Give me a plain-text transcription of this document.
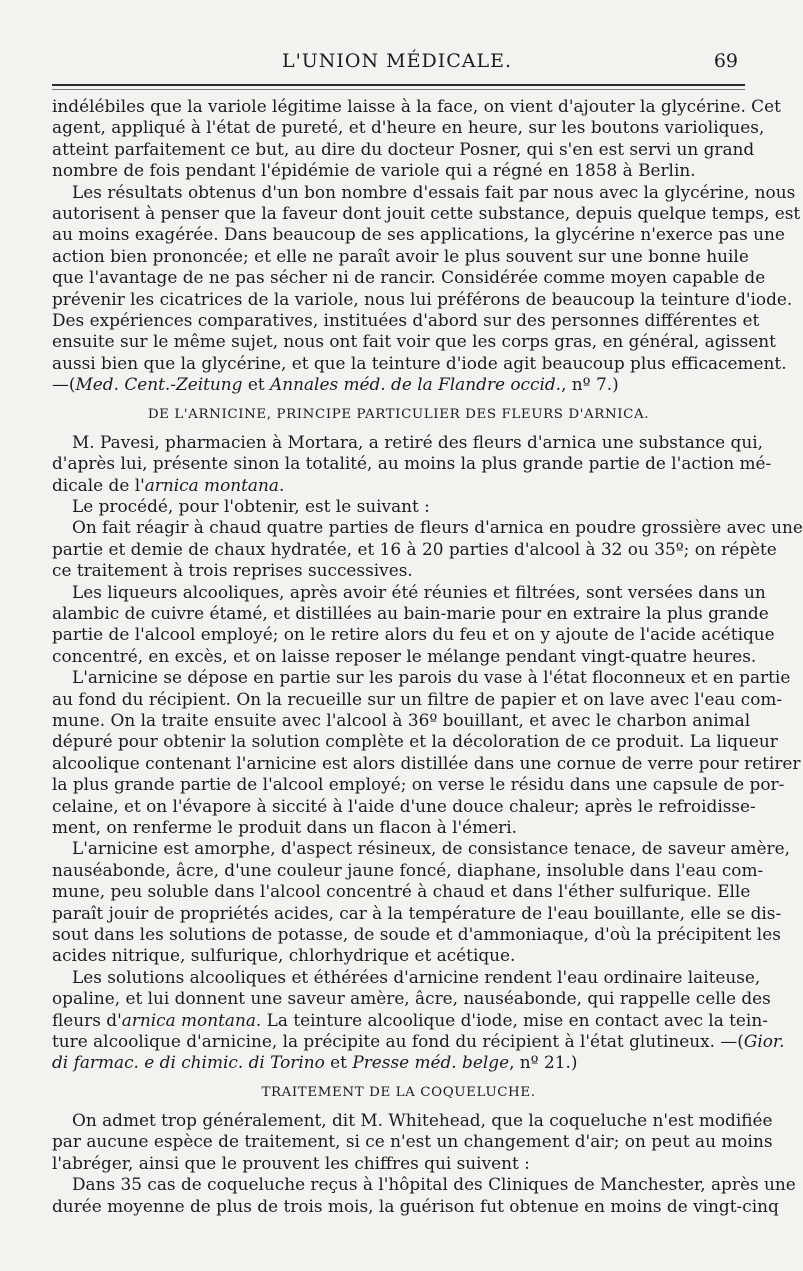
L'UNION MÉDICALE.	69
indélébiles que la variole légitime laisse à la face, on vient d'ajouter la glycérine. Cet
agent, appliqué à l'état de pureté, et d'heure en heure, sur les boutons varioliques,
atteint parfaitement ce but, au dire du docteur Posner, qui s'en est servi un grand
nombre de fois pendant l'épidémie de variole qui a régné en 1858 à Berlin.
Les résultats obtenus d'un bon nombre d'essais fait par nous avec la glycérine, nous
autorisent à penser que la faveur dont jouit cette substance, depuis quelque temps, est
au moins exagérée. Dans beaucoup de ses applications, la glycérine n'exerce pas une
action bien prononcée; et elle ne paraît avoir le plus souvent sur une bonne huile
que l'avantage de ne pas sécher ni de rancir. Considérée comme moyen capable de
prévenir les cicatrices de la variole, nous lui préférons de beaucoup la teinture d'iode.
Des expériences comparatives, instituées d'abord sur des personnes différentes et
ensuite sur le même sujet, nous ont fait voir que les corps gras, en général, agissent
aussi bien que la glycérine, et que la teinture d'iode agit beaucoup plus efficacement.
—(Med. Cent.-Zeitung et Annales méd. de la Flandre occid., nº 7.)
DE L'ARNICINE, PRINCIPE PARTICULIER DES FLEURS D'ARNICA.
M. Pavesi, pharmacien à Mortara, a retiré des fleurs d'arnica une substance qui,
d'après lui, présente sinon la totalité, au moins la plus grande partie de l'action mé-
dicale de l'arnica montana.
Le procédé, pour l'obtenir, est le suivant :
On fait réagir à chaud quatre parties de fleurs d'arnica en poudre grossière avec une
partie et demie de chaux hydratée, et 16 à 20 parties d'alcool à 32 ou 35º; on répète
ce traitement à trois reprises successives.
Les liqueurs alcooliques, après avoir été réunies et filtrées, sont versées dans un
alambic de cuivre étamé, et distillées au bain-marie pour en extraire la plus grande
partie de l'alcool employé; on le retire alors du feu et on y ajoute de l'acide acétique
concentré, en excès, et on laisse reposer le mélange pendant vingt-quatre heures.
L'arnicine se dépose en partie sur les parois du vase à l'état floconneux et en partie
au fond du récipient. On la recueille sur un filtre de papier et on lave avec l'eau com-
mune. On la traite ensuite avec l'alcool à 36º bouillant, et avec le charbon animal
dépuré pour obtenir la solution complète et la décoloration de ce produit. La liqueur
alcoolique contenant l'arnicine est alors distillée dans une cornue de verre pour retirer
la plus grande partie de l'alcool employé; on verse le résidu dans une capsule de por-
celaine, et on l'évapore à siccité à l'aide d'une douce chaleur; après le refroidisse-
ment, on renferme le produit dans un flacon à l'émeri.
L'arnicine est amorphe, d'aspect résineux, de consistance tenace, de saveur amère,
nauséabonde, âcre, d'une couleur jaune foncé, diaphane, insoluble dans l'eau com-
mune, peu soluble dans l'alcool concentré à chaud et dans l'éther sulfurique. Elle
paraît jouir de propriétés acides, car à la température de l'eau bouillante, elle se dis-
sout dans les solutions de potasse, de soude et d'ammoniaque, d'où la précipitent les
acides nitrique, sulfurique, chlorhydrique et acétique.
Les solutions alcooliques et éthérées d'arnicine rendent l'eau ordinaire laiteuse,
opaline, et lui donnent une saveur amère, âcre, nauséabonde, qui rappelle celle des
fleurs d'arnica montana. La teinture alcoolique d'iode, mise en contact avec la tein-
ture alcoolique d'arnicine, la précipite au fond du récipient à l'état glutineux. —(Gior.
di farmac. e di chimic. di Torino et Presse méd. belge, nº 21.)
TRAITEMENT DE LA COQUELUCHE.
On admet trop généralement, dit M. Whitehead, que la coqueluche n'est modifiée
par aucune espèce de traitement, si ce n'est un changement d'air; on peut au moins
l'abréger, ainsi que le prouvent les chiffres qui suivent :
Dans 35 cas de coqueluche reçus à l'hôpital des Cliniques de Manchester, après une
durée moyenne de plus de trois mois, la guérison fut obtenue en moins de vingt-cinq
